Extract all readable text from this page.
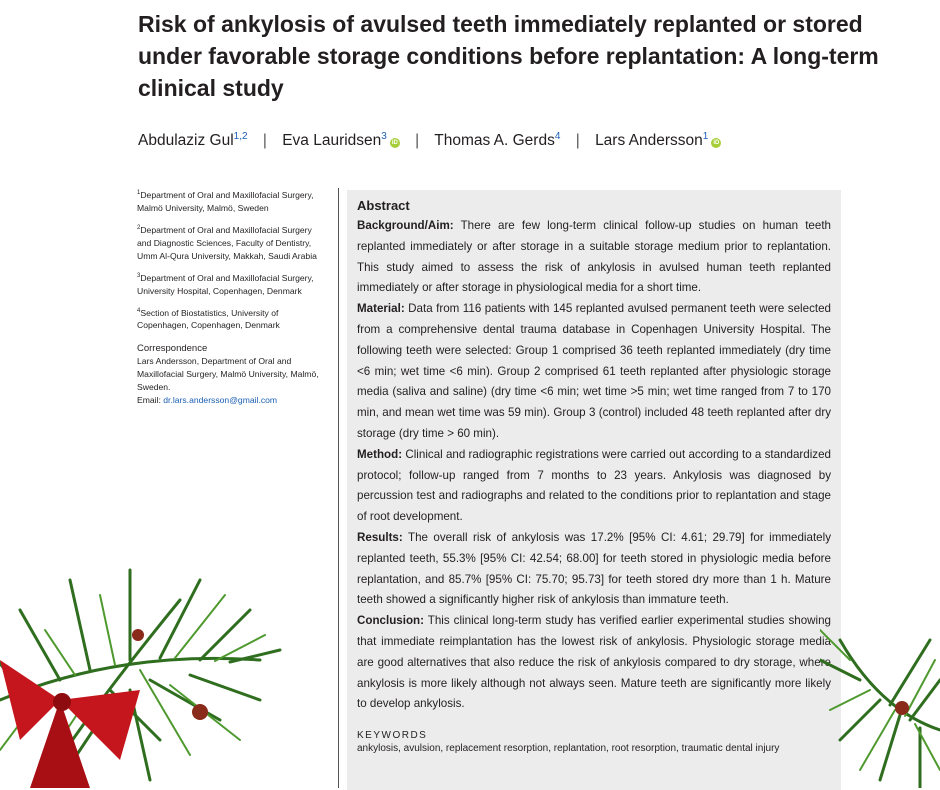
Risk of ankylosis of avulsed teeth immediately replanted or stored under favorable storage conditions before replantation: A long-term clinical study
Abdulaziz Gul$^{1,2}$ | Eva Lauridsen$^3$iD | Thomas A. Gerds$^4$ | Lars Andersson$^1$iD

$^1$Department of Oral and Maxillofacial Surgery, Malmö University, Malmö, Sweden

$^2$Department of Oral and Maxillofacial Surgery and Diagnostic Sciences, Faculty of Dentistry, Umm Al-Qura University, Makkah, Saudi Arabia

$^3$Department of Oral and Maxillofacial Surgery, University Hospital, Copenhagen, Denmark

$^4$Section of Biostatistics, University of Copenhagen, Copenhagen, Denmark

Correspondence
Lars Andersson, Department of Oral and Maxillofacial Surgery, Malmö University, Malmö, Sweden.
Email: dr.lars.andersson@gmail.com
Abstract

Background/Aim: There are few long-term clinical follow-up studies on human teeth replanted immediately or after storage in a suitable storage medium prior to replantation. This study aimed to assess the risk of ankylosis in avulsed human teeth replanted immediately or after storage in physiological media for a short time.

Material: Data from 116 patients with 145 replanted avulsed permanent teeth were selected from a comprehensive dental trauma database in Copenhagen University Hospital. The following teeth were selected: Group 1 comprised 36 teeth replanted immediately (dry time <6 min; wet time <6 min). Group 2 comprised 61 teeth replanted after physiologic storage media (saliva and saline) (dry time <6 min; wet time >5 min; wet time ranged from 7 to 170 min, and mean wet time was 59 min). Group 3 (control) included 48 teeth replanted after dry storage (dry time > 60 min).

Method: Clinical and radiographic registrations were carried out according to a standardized protocol; follow-up ranged from 7 months to 23 years. Ankylosis was diagnosed by percussion test and radiographs and related to the conditions prior to replantation and stage of root development.

Results: The overall risk of ankylosis was 17.2% [95% CI: 4.61; 29.79] for immediately replanted teeth, 55.3% [95% CI: 42.54; 68.00] for teeth stored in physiologic media before replantation, and 85.7% [95% CI: 75.70; 95.73] for teeth stored dry more than 1 h. Mature teeth showed a significantly higher risk of ankylosis than immature teeth.

Conclusion: This clinical long-term study has verified earlier experimental studies showing that immediate reimplantation has the lowest risk of ankylosis. Physiologic storage media are good alternatives that also reduce the risk of ankylosis compared to dry storage, where ankylosis is more likely although not always seen. Mature teeth are significantly more likely to develop ankylosis.

KEYWORDS
ankylosis, avulsion, replacement resorption, replantation, root resorption, traumatic dental injury
